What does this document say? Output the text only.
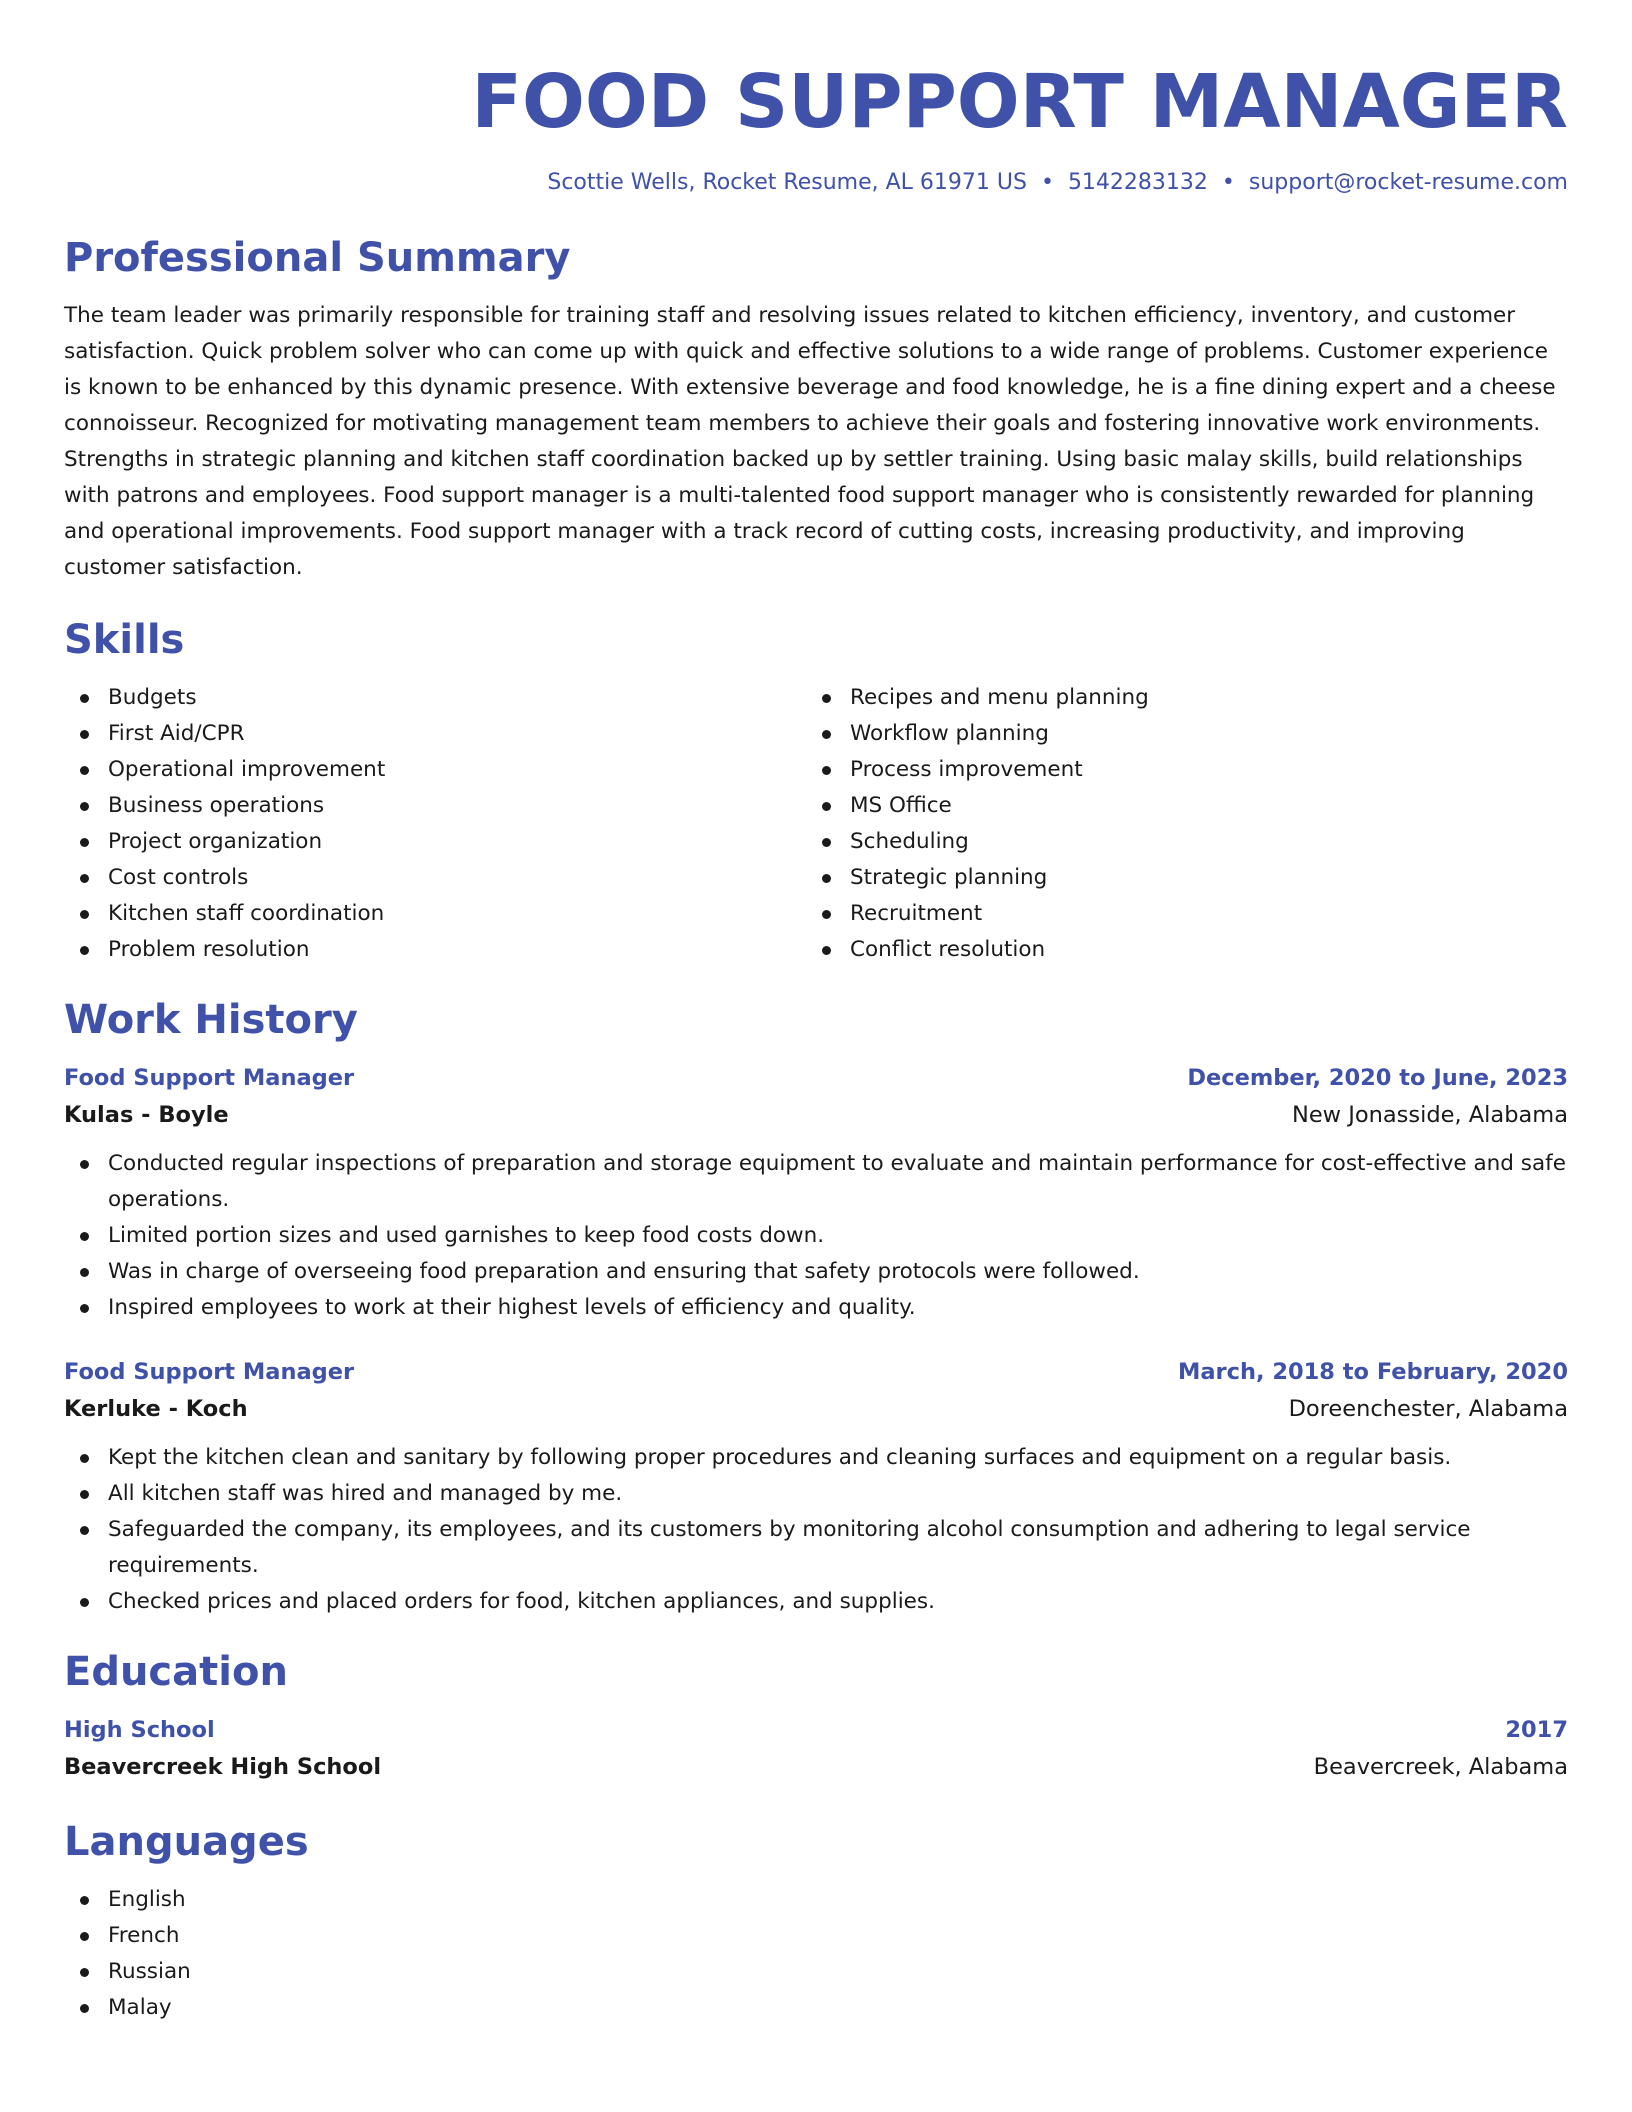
FOOD SUPPORT MANAGER
Scottie Wells, Rocket Resume, AL 61971 US • 5142283132 • support@rocket-resume.com
Professional Summary

The team leader was primarily responsible for training staff and resolving issues related to kitchen efficiency, inventory, and customer satisfaction. Quick problem solver who can come up with quick and effective solutions to a wide range of problems. Customer experience is known to be enhanced by this dynamic presence. With extensive beverage and food knowledge, he is a fine dining expert and a cheese connoisseur. Recognized for motivating management team members to achieve their goals and fostering innovative work environments. Strengths in strategic planning and kitchen staff coordination backed up by settler training. Using basic malay skills, build relationships with patrons and employees. Food support manager is a multi-talented food support manager who is consistently rewarded for planning and operational improvements. Food support manager with a track record of cutting costs, increasing productivity, and improving customer satisfaction.

Skills
Budgets
First Aid/CPR
Operational improvement
Business operations
Project organization
Cost controls
Kitchen staff coordination
Problem resolution
Recipes and menu planning
Workflow planning
Process improvement
MS Office
Scheduling
Strategic planning
Recruitment
Conflict resolution
Work History
Food Support Manager	December, 2020 to June, 2023
Kulas - Boyle	New Jonasside, Alabama
Conducted regular inspections of preparation and storage equipment to evaluate and maintain performance for cost-effective and safe operations.
Limited portion sizes and used garnishes to keep food costs down.
Was in charge of overseeing food preparation and ensuring that safety protocols were followed.
Inspired employees to work at their highest levels of efficiency and quality.
Food Support Manager	March, 2018 to February, 2020
Kerluke - Koch	Doreenchester, Alabama
Kept the kitchen clean and sanitary by following proper procedures and cleaning surfaces and equipment on a regular basis.
All kitchen staff was hired and managed by me.
Safeguarded the company, its employees, and its customers by monitoring alcohol consumption and adhering to legal service requirements.
Checked prices and placed orders for food, kitchen appliances, and supplies.
Education
High School	2017
Beavercreek High School	Beavercreek, Alabama
Languages
English
French
Russian
Malay
